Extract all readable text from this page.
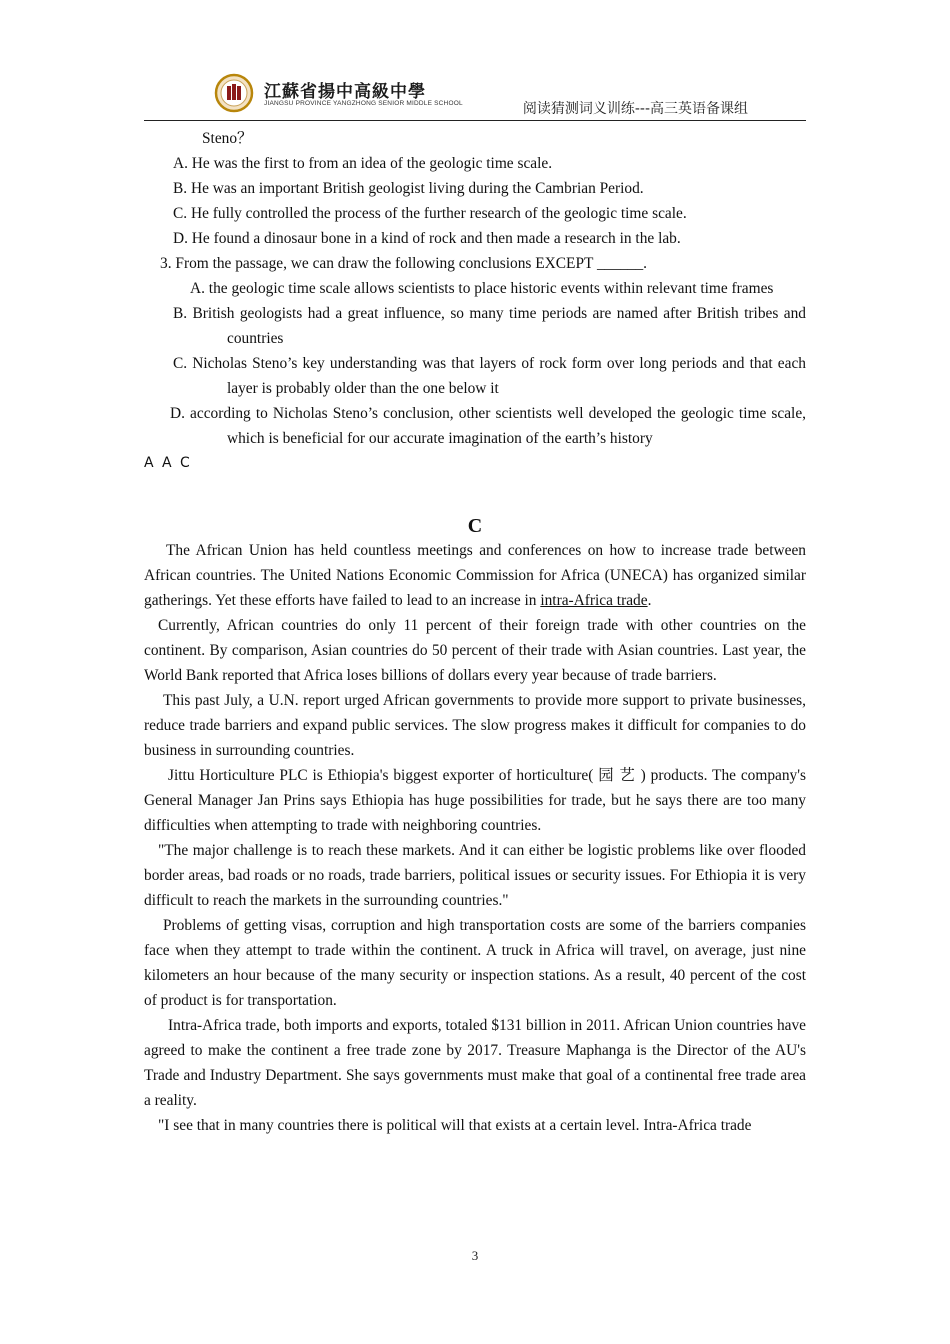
江蘇省揚中高級中學
JIANGSU PROVINCE YANGZHONG SENIOR MIDDLE SCHOOL	阅读猜测词义训练---高三英语备课组
Steno？
A. He was the first to from an idea of the geologic time scale.
B. He was an important British geologist living during the Cambrian Period.
C. He fully controlled the process of the further research of the geologic time scale.
D. He found a dinosaur bone in a kind of rock and then made a research in the lab.
3. From the passage, we can draw the following conclusions EXCEPT ______.
A. the geologic time scale allows scientists to place historic events within relevant time frames
B. British geologists had a great influence, so many time periods are named after British tribes and countries
C. Nicholas Steno’s key understanding was that layers of rock form over long periods and that each layer is probably older than the one below it
D. according to Nicholas Steno’s conclusion, other scientists well developed the geologic time scale, which is beneficial for our accurate imagination of the earth’s history
A A C
C

The African Union has held countless meetings and conferences on how to increase trade between African countries. The United Nations Economic Commission for Africa (UNECA) has organized similar gatherings. Yet these efforts have failed to lead to an increase in intra-Africa trade.

Currently, African countries do only 11 percent of their foreign trade with other countries on the continent. By comparison, Asian countries do 50 percent of their trade with Asian countries. Last year, the World Bank reported that Africa loses billions of dollars every year because of trade barriers.

This past July, a U.N. report urged African governments to provide more support to private businesses, reduce trade barriers and expand public services. The slow progress makes it difficult for companies to do business in surrounding countries.

Jittu Horticulture PLC is Ethiopia's biggest exporter of horticulture( 园 艺 ) products. The company's General Manager Jan Prins says Ethiopia has huge possibilities for trade, but he says there are too many difficulties when attempting to trade with neighboring countries.

"The major challenge is to reach these markets. And it can either be logistic problems like over flooded border areas, bad roads or no roads, trade barriers, political issues or security issues. For Ethiopia it is very difficult to reach the markets in the surrounding countries."

Problems of getting visas, corruption and high transportation costs are some of the barriers companies face when they attempt to trade within the continent. A truck in Africa will travel, on average, just nine kilometers an hour because of the many security or inspection stations. As a result, 40 percent of the cost of product is for transportation.

Intra-Africa trade, both imports and exports, totaled $131 billion in 2011. African Union countries have agreed to make the continent a free trade zone by 2017. Treasure Maphanga is the Director of the AU's Trade and Industry Department. She says governments must make that goal of a continental free trade area a reality.

"I see that in many countries there is political will that exists at a certain level. Intra-Africa trade

3
